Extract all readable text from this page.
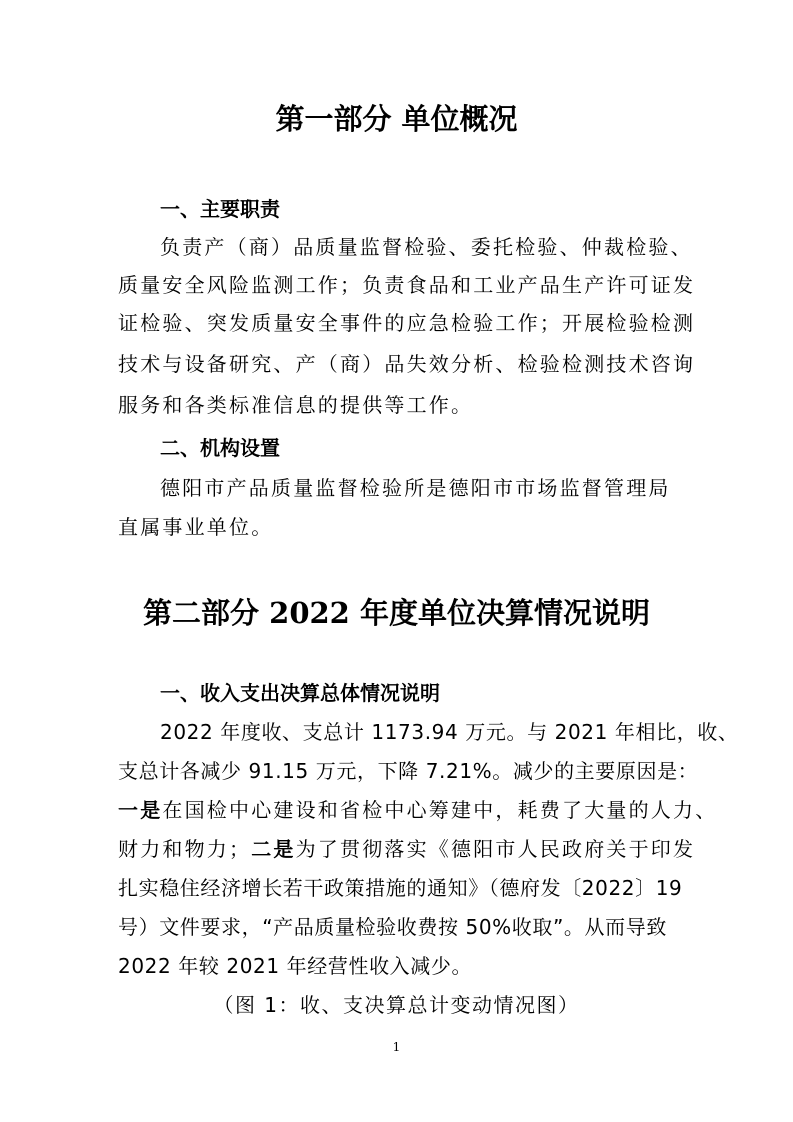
第一部分 单位概况
一、主要职责
负责产（商）品质量监督检验、委托检验、仲裁检验、
质量安全风险监测工作；负责食品和工业产品生产许可证发
证检验、突发质量安全事件的应急检验工作；开展检验检测
技术与设备研究、产（商）品失效分析、检验检测技术咨询
服务和各类标准信息的提供等工作。
二、机构设置
德阳市产品质量监督检验所是德阳市市场监督管理局
直属事业单位。
第二部分 2022 年度单位决算情况说明
一、收入支出决算总体情况说明
2022 年度收、支总计 1173.94 万元。与 2021 年相比，收、
支总计各减少 91.15 万元，下降 7.21%。减少的主要原因是：
一是在国检中心建设和省检中心筹建中，耗费了大量的人力、
财力和物力；二是为了贯彻落实《德阳市人民政府关于印发
扎实稳住经济增长若干政策措施的通知》（德府发〔2022〕19
号）文件要求，“产品质量检验收费按 50%收取”。从而导致
2022 年较 2021 年经营性收入减少。
（图 1：收、支决算总计变动情况图）
1
